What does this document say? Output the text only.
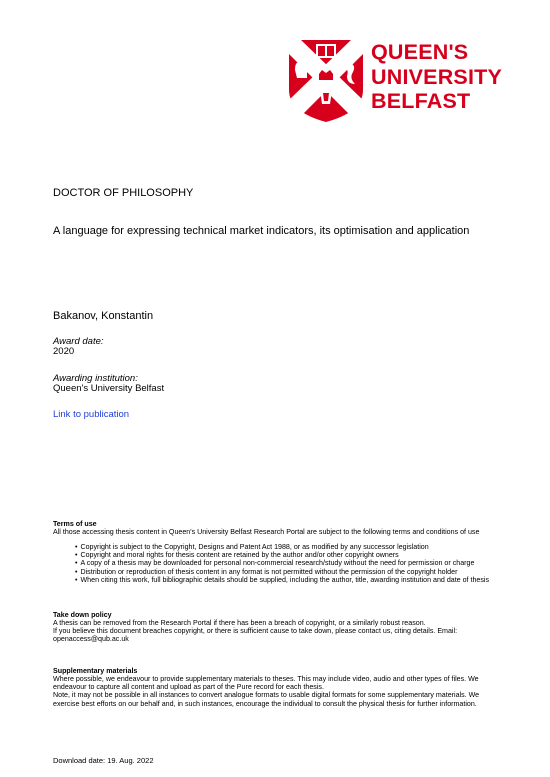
ESTD 1845
QUEEN'S
UNIVERSITY
BELFAST
DOCTOR OF PHILOSOPHY
A language for expressing technical market indicators, its optimisation and application
Bakanov, Konstantin
Award date:
2020
Awarding institution:
Queen's University Belfast
Link to publication
Terms of use

All those accessing thesis content in Queen's University Belfast Research Portal are subject to the following terms and conditions of use

• Copyright is subject to the Copyright, Designs and Patent Act 1988, or as modified by any successor legislation
• Copyright and moral rights for thesis content are retained by the author and/or other copyright owners
• A copy of a thesis may be downloaded for personal non-commercial research/study without the need for permission or charge
• Distribution or reproduction of thesis content in any format is not permitted without the permission of the copyright holder
• When citing this work, full bibliographic details should be supplied, including the author, title, awarding institution and date of thesis
Take down policy

A thesis can be removed from the Research Portal if there has been a breach of copyright, or a similarly robust reason.

If you believe this document breaches copyright, or there is sufficient cause to take down, please contact us, citing details. Email: openaccess@qub.ac.uk

Supplementary materials

Where possible, we endeavour to provide supplementary materials to theses. This may include video, audio and other types of files. We endeavour to capture all content and upload as part of the Pure record for each thesis.

Note, it may not be possible in all instances to convert analogue formats to usable digital formats for some supplementary materials. We exercise best efforts on our behalf and, in such instances, encourage the individual to consult the physical thesis for further information.

Download date: 19. Aug. 2022
